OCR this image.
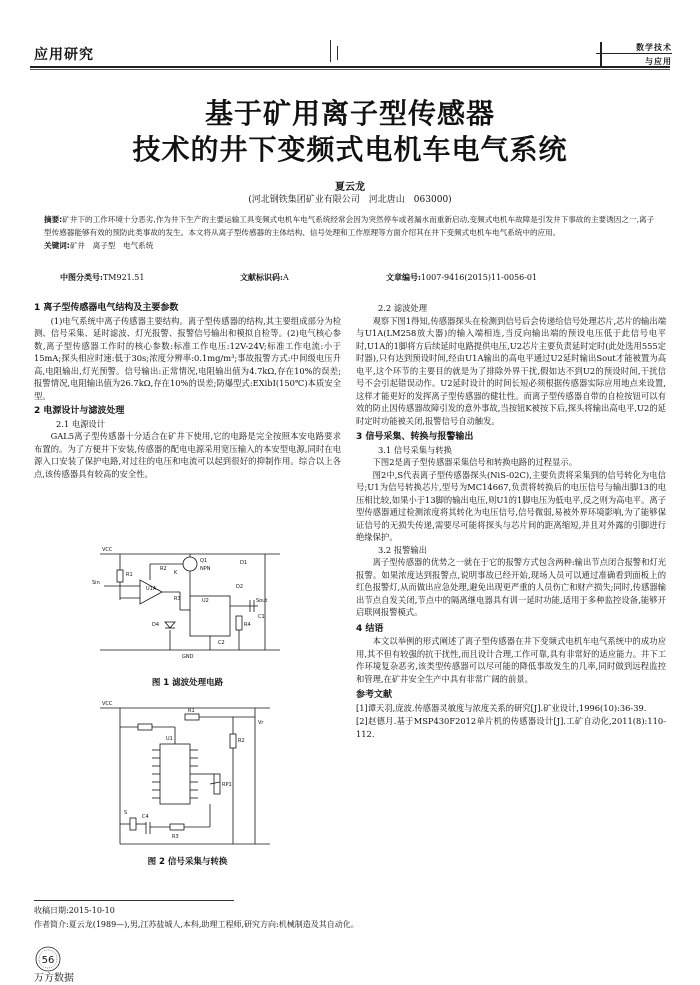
应用研究	数学技术
与应用
基于矿用离子型传感器
技术的井下变频式电机车电气系统
夏云龙
(河北钢铁集团矿业有限公司　河北唐山　063000)
摘要:矿井下的工作环境十分恶劣,作为井下生产的主要运输工具变频式电机车电气系统经常会因为突然停车或者漏水而重新启动,变频式电机车故障是引发井下事故的主要诱因之一,离子型传感器能够有效的预防此类事故的发生。本文将从离子型传感器的主体结构、信号处理和工作原理等方面介绍其在井下变频式电机车电气系统中的应用。
关键词:矿井　离子型　电气系统
中图分类号:TM921.51	文献标识码:A	文章编号:1007-9416(2015)11-0056-01
1 离子型传感器电气结构及主要参数

(1)电气系统中离子传感器主要结构。离子型传感器的结构,其主要组成部分为检测、信号采集、延时滤波、灯光报警、报警信号输出和模拟自检等。(2)电气核心参数,离子型传感器工作时的核心参数:标准工作电压:12V-24V;标准工作电流:小于15mA;探头相应时速:低于30s;浓度分辨率:0.1mg/m³;事故报警方式:中间级电压升高,电阻输出,灯光预警。信号输出:正常情况,电阻输出值为4.7kΩ,存在10%的误差;报警情况,电阻输出值为26.7kΩ,存在10%的误差;防爆型式:EXibI(150℃)本质安全型。

2 电源设计与滤波处理
2.1 电源设计

GAL5离子型传感器十分适合在矿井下使用,它的电路是完全按照本安电路要求布置的。为了方便井下安装,传感器的配电电源采用宽压输入的本安型电源,同时在电源入口安装了保护电路,对过往的电压和电流可以起到很好的抑制作用。综合以上各点,该传感器具有较高的安全性。

VCC
GND
Sin
Sout
U1A
U2
D1
D2
C1
Q1
NPN
K
R1
R2
R3
R4
D4
C2
图 1 滤波处理电路
VCC
U1
Vr
RP1
S
C4
R1
R2
R3
图 2 信号采集与转换
2.2 滤波处理

观察下图1得知,传感器探头在检测到信号后会传递给信号处理芯片,芯片的输出端与U1A(LM258放大器)的输入端相连,当反向输出端的预设电压低于此信号电平时,U1A的1脚将方后续延时电路提供电压,U2芯片主要负责延时定时(此处选用555定时器),只有达到预设时间,经由U1A输出的高电平通过U2延时输出Sout才能被置为高电平,这个环节的主要目的就是为了排除外界干扰,假如达不到U2的预设时间,干扰信号不会引起错误动作。U2延时设计的时间长短必须根据传感器实际应用地点来设置,这样才能更好的发挥离子型传感器的健壮性。而离子型传感器自带的自检按钮可以有效的防止因传感器故障引发的意外事故,当按钮K被按下后,探头将输出高电平,U2的延时定时功能被关闭,报警信号自动触发。

3 信号采集、转换与报警输出
3.1 信号采集与转换

下图2是离子型传感器采集信号和转换电路的过程显示。

图2中,S代表离子型传感器探头(NiS-02C),主要负责将采集到的信号转化为电信号;U1为信号转换芯片,型号为MC14667,负责将转换后的电压信号与输出脚13的电压相比较,如果小于13脚的输出电压,则U1的1脚电压为低电平,反之则为高电平。离子型传感器通过检测浓度将其转化为电压信号,信号微弱,易被外界环境影响,为了能够保证信号的无损失传递,需要尽可能将探头与芯片间的距离缩短,并且对外露的引脚进行绝缘保护。

3.2 报警输出

离子型传感器的优势之一就在于它的报警方式包含两种:输出节点闭合报警和灯光报警。如果浓度达到报警点,说明事故已经开始,现场人员可以通过准确看到面板上的红色报警灯,从而做出应急处理,避免出现更严重的人员伤亡和财产损失;同时,传感器输出节点自发关闭,节点中的隔离继电器具有训一延时功能,适用于多种监控设备,能够开启联网报警模式。

4 结语

本文以举例的形式阐述了离子型传感器在井下变频式电机车电气系统中的成功应用,其不但有较强的抗干扰性,而且设计合理,工作可靠,具有非常好的适应能力。井下工作环境复杂恶劣,该类型传感器可以尽可能的降低事故发生的几率,同时做到远程监控和管理,在矿井安全生产中具有非常广阔的前景。

参考文献
[1]谭天羽,庞波.传感器灵敏度与浓度关系的研究[J].矿业设计,1996(10):36-39.
[2]赵德月.基于MSP430F2012单片机的传感器设计[J].工矿自动化,2011(8):110-112.
收稿日期:2015-10-10
作者简介:夏云龙(1989—),男,江苏盐城人,本科,助理工程师,研究方向:机械制造及其自动化。
56
万方数据
